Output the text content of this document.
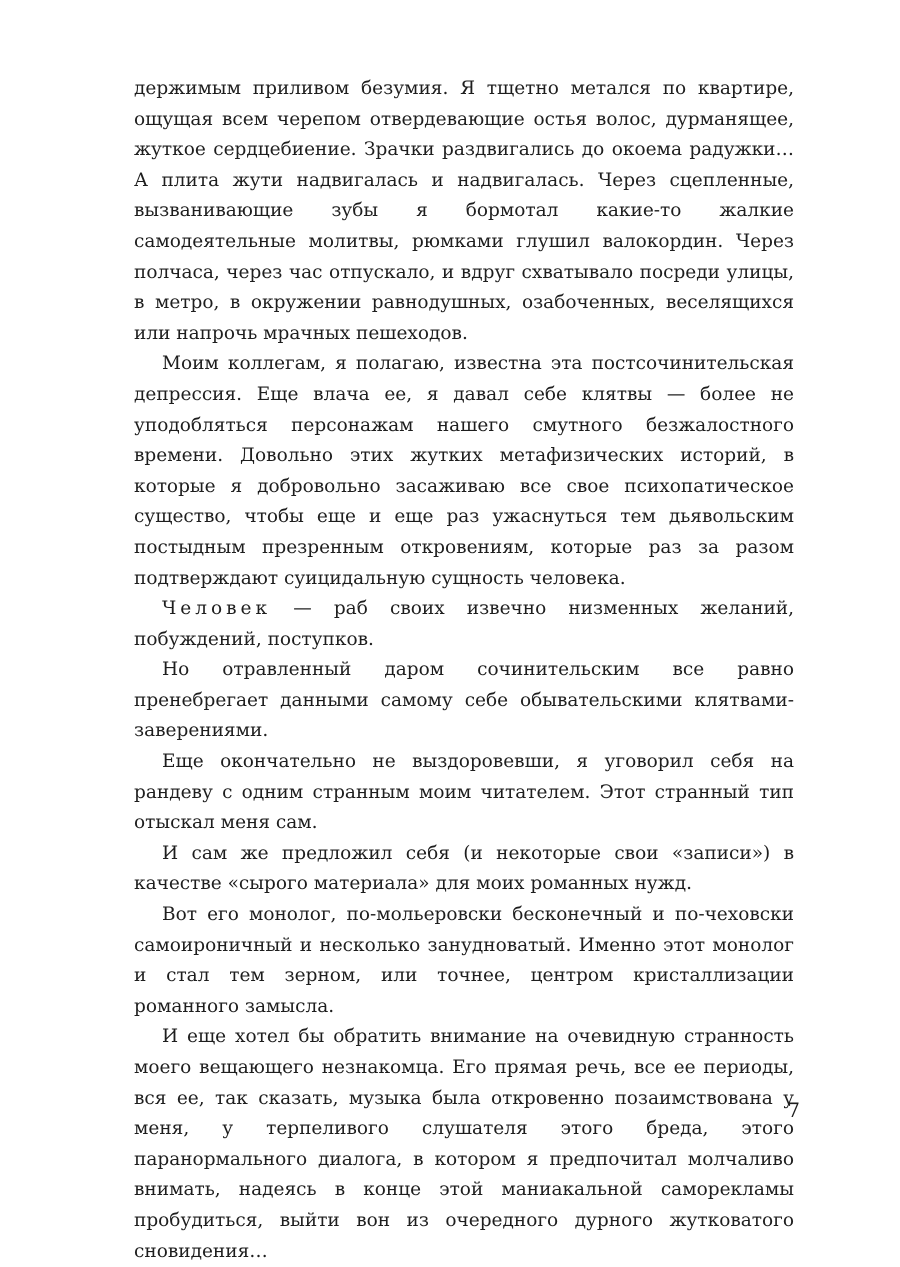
держимым приливом безумия. Я тщетно метался по квартире, ощущая всем черепом отвердевающие остья волос, дурманящее, жуткое сердцебиение. Зрачки раздвигались до окоема радужки… А плита жути надвигалась и надвигалась. Через сцепленные, вызванивающие зубы я бормотал какие-то жалкие самодеятельные молитвы, рюмками глушил валокордин. Через полчаса, через час отпускало, и вдруг схватывало посреди улицы, в метро, в окружении равнодушных, озабоченных, веселящихся или напрочь мрачных пешеходов.

Моим коллегам, я полагаю, известна эта постсочинительская депрессия. Еще влача ее, я давал себе клятвы — более не уподобляться персонажам нашего смутного безжалостного времени. Довольно этих жутких метафизических историй, в которые я добровольно засаживаю все свое психопатическое существо, чтобы еще и еще раз ужаснуться тем дьявольским постыдным презренным откровениям, которые раз за разом подтверждают суицидальную сущность человека.

Человек — раб своих извечно низменных желаний, побуждений, поступков.

Но отравленный даром сочинительским все равно пренебрегает данными самому себе обывательскими клятвами-заверениями.

Еще окончательно не выздоровевши, я уговорил себя на рандеву с одним странным моим читателем. Этот странный тип отыскал меня сам.

И сам же предложил себя (и некоторые свои «записи») в качестве «сырого материала» для моих романных нужд.

Вот его монолог, по-мольеровски бесконечный и по-чеховски самоироничный и несколько занудноватый. Именно этот монолог и стал тем зерном, или точнее, центром кристаллизации романного замысла.

И еще хотел бы обратить внимание на очевидную странность моего вещающего незнакомца. Его прямая речь, все ее периоды, вся ее, так сказать, музыка была откровенно позаимствована у меня, у терпеливого слушателя этого бреда, этого паранормального диалога, в котором я предпочитал молчаливо внимать, надеясь в конце этой маниакальной саморекламы пробудиться, выйти вон из очередного дурного жутковатого сновидения…

7
